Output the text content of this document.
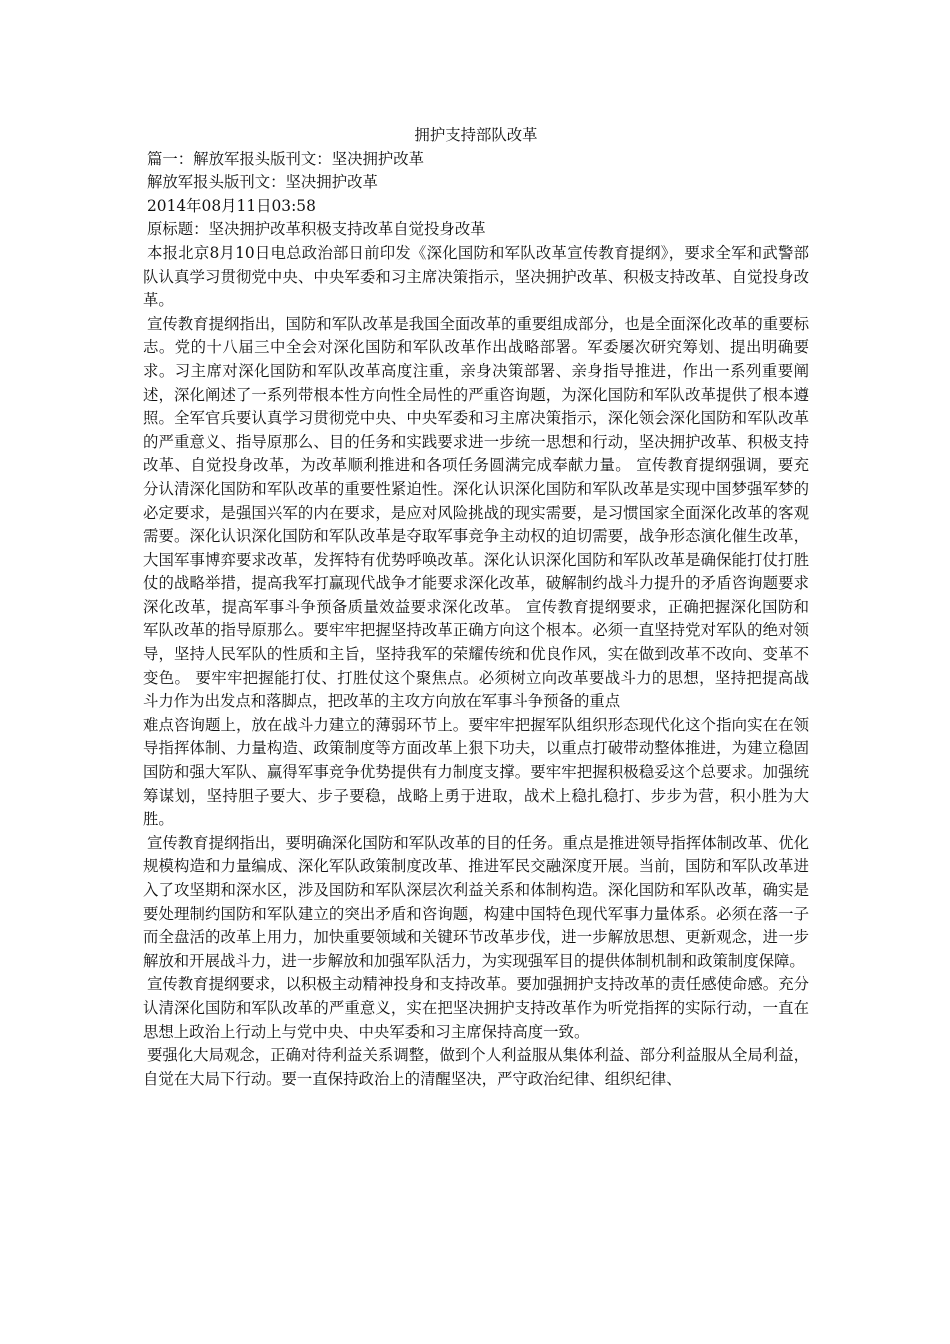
拥护支持部队改革

篇一：解放军报头版刊文：坚决拥护改革

解放军报头版刊文：坚决拥护改革

2014年08月11日03:58

原标题：坚决拥护改革积极支持改革自觉投身改革

本报北京8月10日电总政治部日前印发《深化国防和军队改革宣传教育提纲》，要求全军和武警部队认真学习贯彻党中央、中央军委和习主席决策指示，坚决拥护改革、积极支持改革、自觉投身改革。

宣传教育提纲指出，国防和军队改革是我国全面改革的重要组成部分，也是全面深化改革的重要标志。党的十八届三中全会对深化国防和军队改革作出战略部署。军委屡次研究筹划、提出明确要求。习主席对深化国防和军队改革高度注重，亲身决策部署、亲身指导推进，作出一系列重要阐述，深化阐述了一系列带根本性方向性全局性的严重咨询题，为深化国防和军队改革提供了根本遵照。全军官兵要认真学习贯彻党中央、中央军委和习主席决策指示，深化领会深化国防和军队改革的严重意义、指导原那么、目的任务和实践要求进一步统一思想和行动，坚决拥护改革、积极支持改革、自觉投身改革，为改革顺利推进和各项任务圆满完成奉献力量。 宣传教育提纲强调，要充分认清深化国防和军队改革的重要性紧迫性。深化认识深化国防和军队改革是实现中国梦强军梦的必定要求，是强国兴军的内在要求，是应对风险挑战的现实需要，是习惯国家全面深化改革的客观需要。深化认识深化国防和军队改革是夺取军事竞争主动权的迫切需要，战争形态演化催生改革，大国军事博弈要求改革，发挥特有优势呼唤改革。深化认识深化国防和军队改革是确保能打仗打胜仗的战略举措，提高我军打赢现代战争才能要求深化改革，破解制约战斗力提升的矛盾咨询题要求深化改革，提高军事斗争预备质量效益要求深化改革。 宣传教育提纲要求，正确把握深化国防和军队改革的指导原那么。要牢牢把握坚持改革正确方向这个根本。必须一直坚持党对军队的绝对领导，坚持人民军队的性质和主旨，坚持我军的荣耀传统和优良作风，实在做到改革不改向、变革不变色。 要牢牢把握能打仗、打胜仗这个聚焦点。必须树立向改革要战斗力的思想，坚持把提高战斗力作为出发点和落脚点，把改革的主攻方向放在军事斗争预备的重点

难点咨询题上，放在战斗力建立的薄弱环节上。要牢牢把握军队组织形态现代化这个指向实在在领导指挥体制、力量构造、政策制度等方面改革上狠下功夫，以重点打破带动整体推进，为建立稳固国防和强大军队、赢得军事竞争优势提供有力制度支撑。要牢牢把握积极稳妥这个总要求。加强统筹谋划，坚持胆子要大、步子要稳，战略上勇于进取，战术上稳扎稳打、步步为营，积小胜为大胜。

宣传教育提纲指出，要明确深化国防和军队改革的目的任务。重点是推进领导指挥体制改革、优化规模构造和力量编成、深化军队政策制度改革、推进军民交融深度开展。当前，国防和军队改革进入了攻坚期和深水区，涉及国防和军队深层次利益关系和体制构造。深化国防和军队改革，确实是要处理制约国防和军队建立的突出矛盾和咨询题，构建中国特色现代军事力量体系。必须在落一子而全盘活的改革上用力，加快重要领域和关键环节改革步伐，进一步解放思想、更新观念，进一步解放和开展战斗力，进一步解放和加强军队活力，为实现强军目的提供体制机制和政策制度保障。

宣传教育提纲要求，以积极主动精神投身和支持改革。要加强拥护支持改革的责任感使命感。充分认清深化国防和军队改革的严重意义，实在把坚决拥护支持改革作为听党指挥的实际行动，一直在思想上政治上行动上与党中央、中央军委和习主席保持高度一致。

要强化大局观念，正确对待利益关系调整，做到个人利益服从集体利益、部分利益服从全局利益，自觉在大局下行动。要一直保持政治上的清醒坚决，严守政治纪律、组织纪律、
